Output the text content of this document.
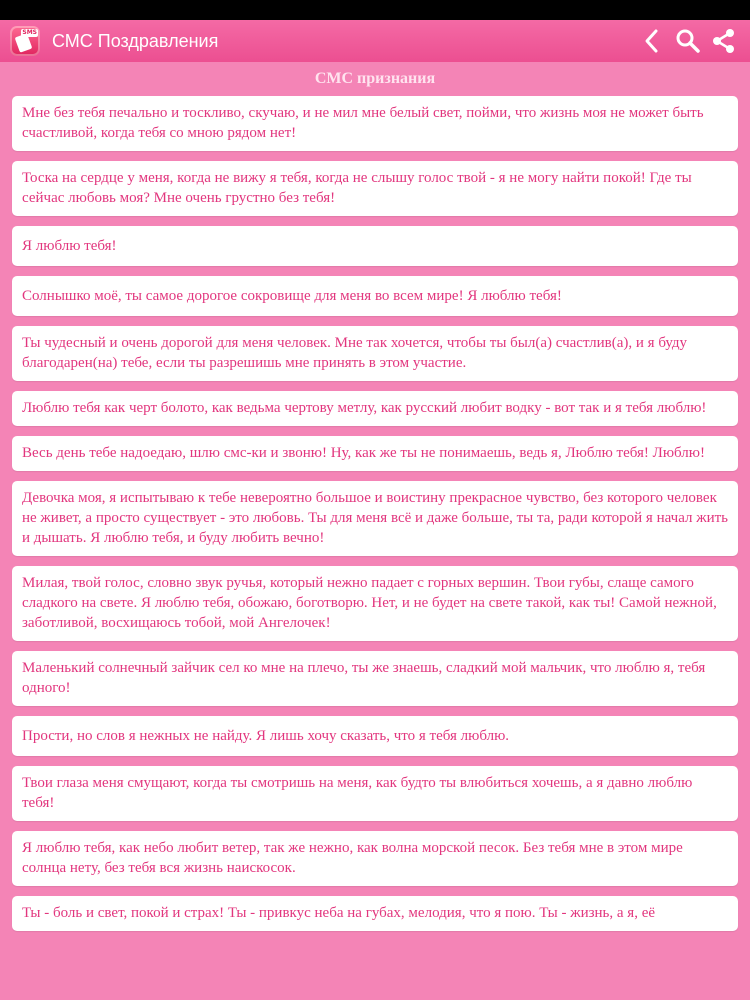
SMS СМС Поздравления
СМС признания
Мне без тебя печально и тоскливо, скучаю, и не мил мне белый свет, пойми, что жизнь моя не может быть счастливой, когда тебя со мною рядом нет!
Тоска на сердце у меня, когда не вижу я тебя, когда не слышу голос твой - я не могу найти покой! Где ты сейчас любовь моя? Мне очень грустно без тебя!
Я люблю тебя!
Солнышко моё, ты самое дорогое сокровище для меня во всем мире! Я люблю тебя!
Ты чудесный и очень дорогой для меня человек. Мне так хочется, чтобы ты был(а) счастлив(а), и я буду благодарен(на) тебе, если ты разрешишь мне принять в этом участие.
Люблю тебя как черт болото, как ведьма чертову метлу, как русский любит водку - вот так и я тебя люблю!
Весь день тебе надоедаю, шлю смс-ки и звоню! Ну, как же ты не понимаешь, ведь я, Люблю тебя! Люблю!
Девочка моя, я испытываю к тебе невероятно большое и воистину прекрасное чувство, без которого человек не живет, а просто существует - это любовь. Ты для меня всё и даже больше, ты та, ради которой я начал жить и дышать. Я люблю тебя, и буду любить вечно!
Милая, твой голос, словно звук ручья, который нежно падает с горных вершин. Твои губы, слаще самого сладкого на свете. Я люблю тебя, обожаю, боготворю. Нет, и не будет на свете такой, как ты! Самой нежной, заботливой, восхищаюсь тобой, мой Ангелочек!
Маленький солнечный зайчик сел ко мне на плечо, ты же знаешь, сладкий мой мальчик, что люблю я, тебя одного!
Прости, но слов я нежных не найду. Я лишь хочу сказать, что я тебя люблю.
Твои глаза меня смущают, когда ты смотришь на меня, как будто ты влюбиться хочешь, а я давно люблю тебя!
Я люблю тебя, как небо любит ветер, так же нежно, как волна морской песок. Без тебя мне в этом мире солнца нету, без тебя вся жизнь наискосок.
Ты - боль и свет, покой и страх! Ты - привкус неба на губах, мелодия, что я пою. Ты - жизнь, а я, её
